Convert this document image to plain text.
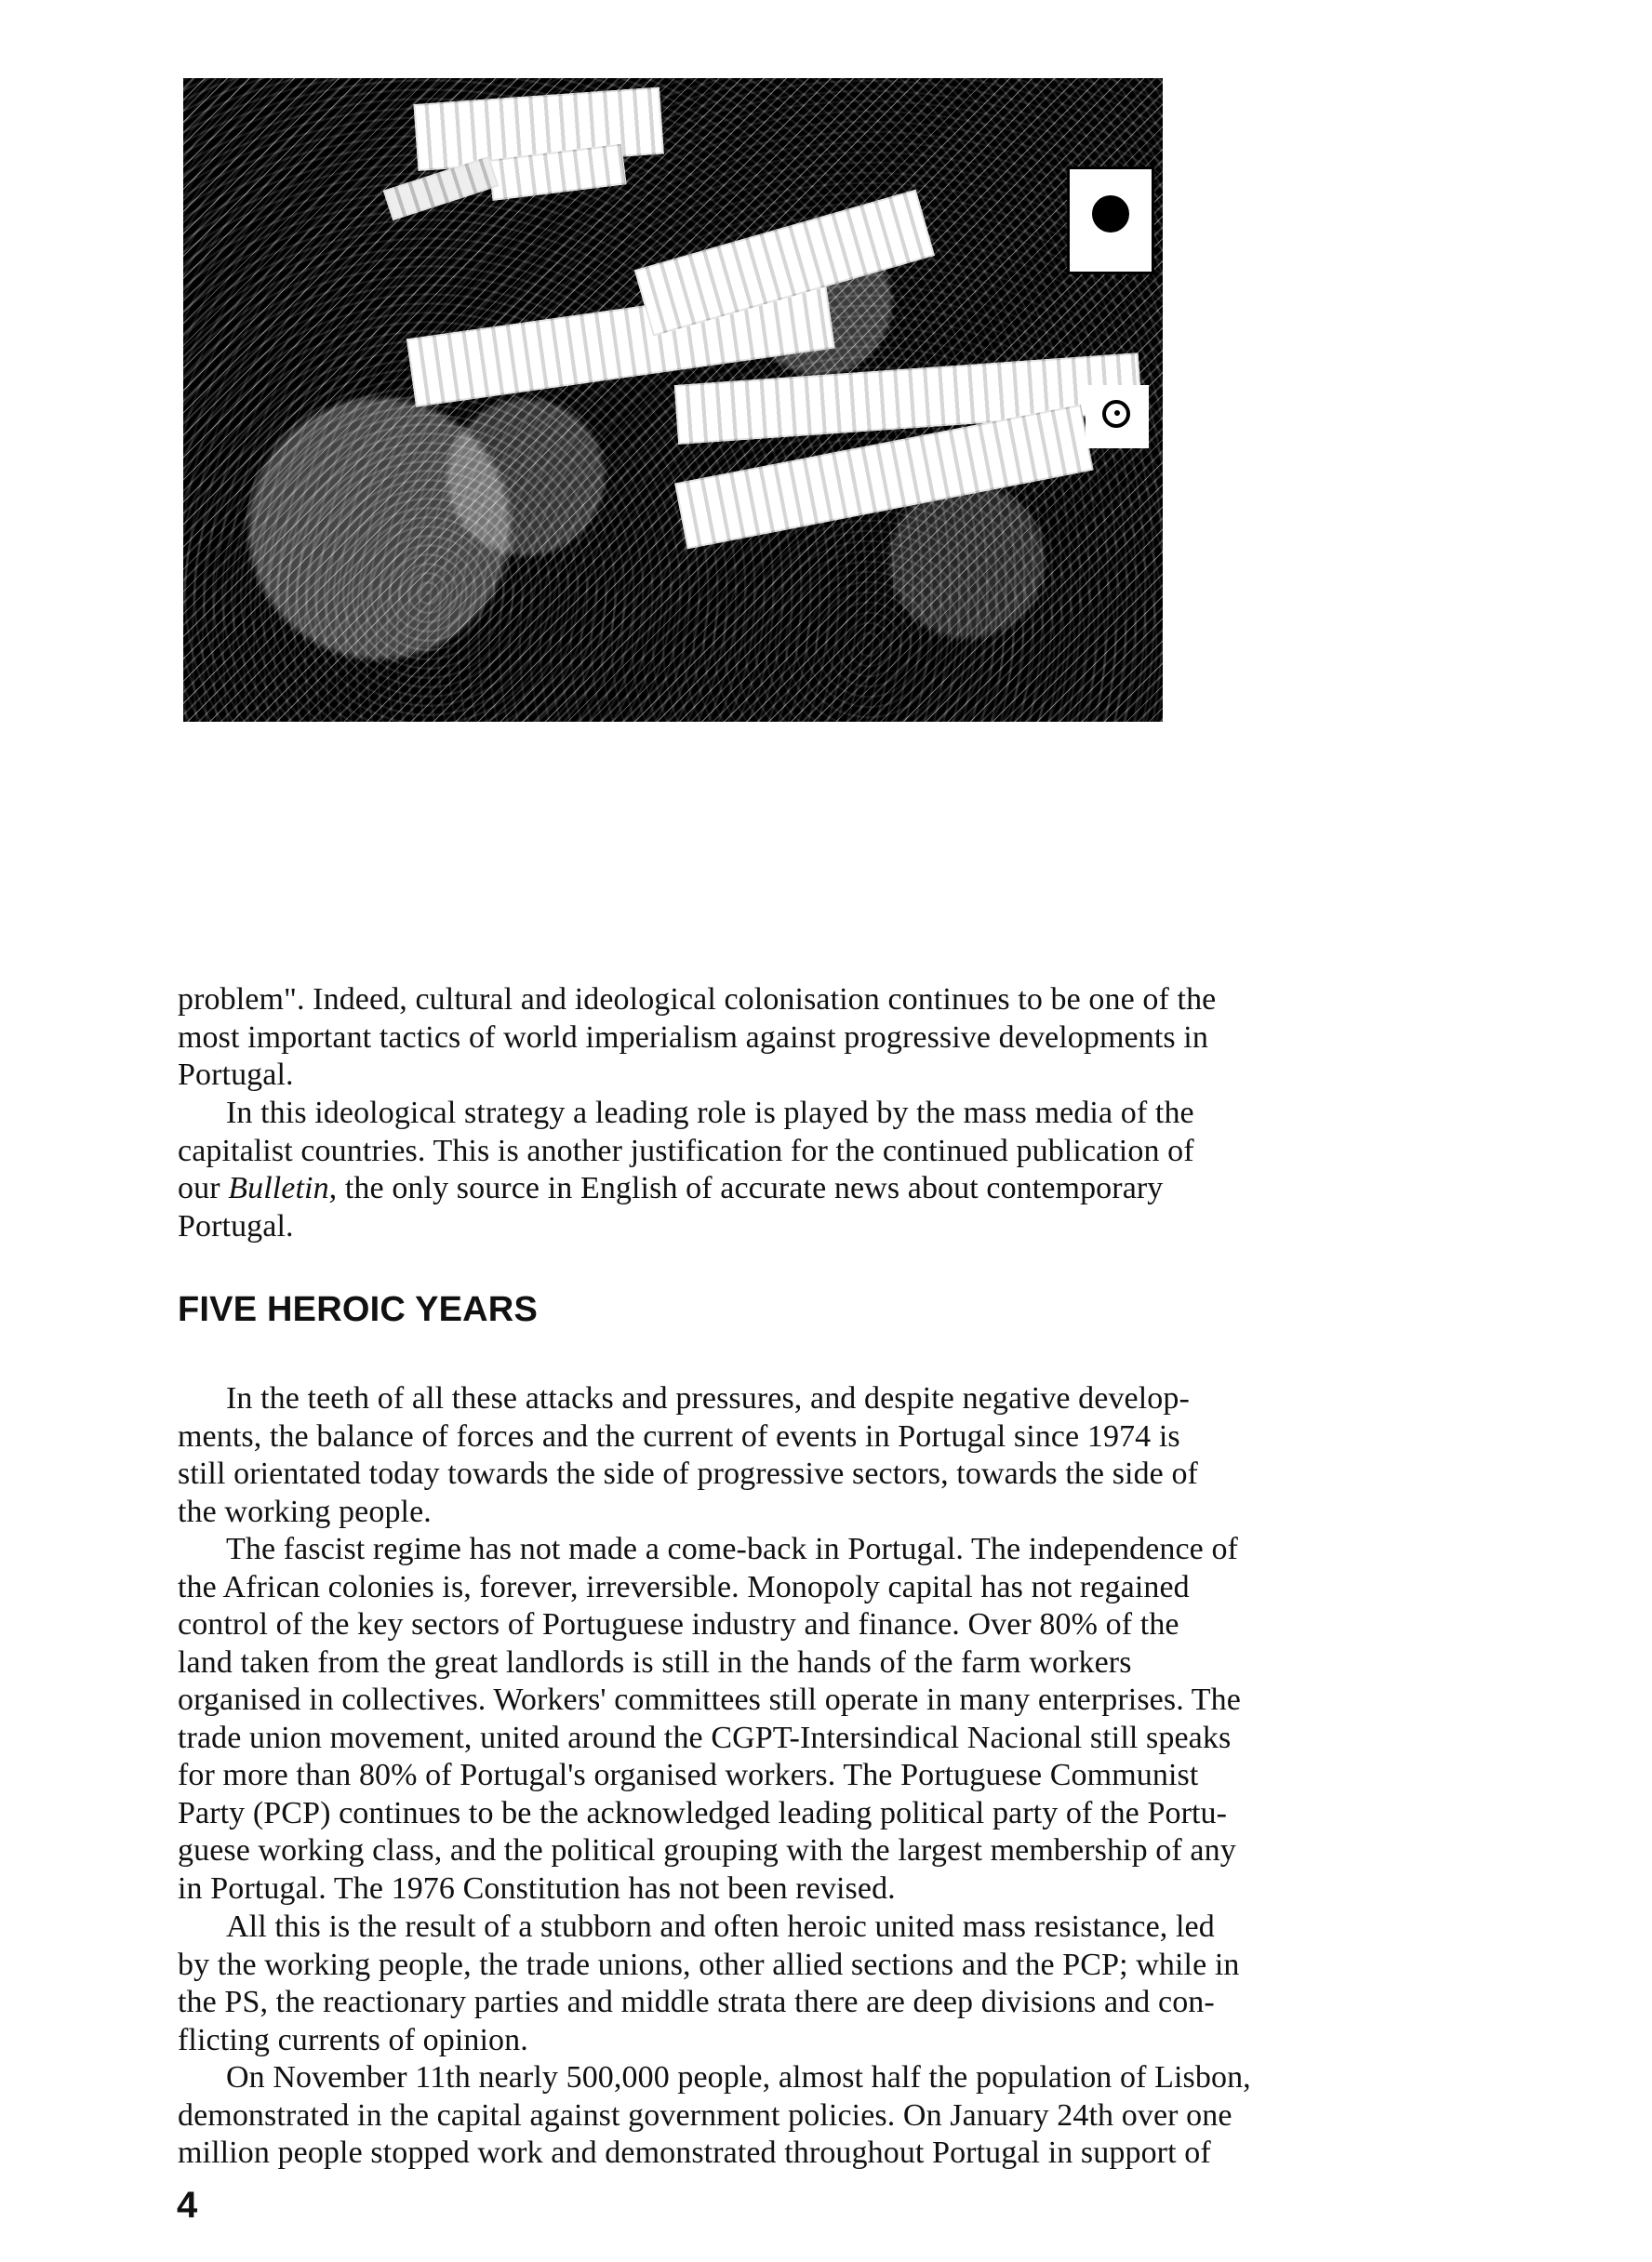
problem". Indeed, cultural and ideological colonisation continues to be one of the

most important tactics of world imperialism against progressive developments in

Portugal.

In this ideological strategy a leading role is played by the mass media of the

capitalist countries. This is another justification for the continued publication of

our Bulletin, the only source in English of accurate news about contemporary

Portugal.

FIVE HEROIC YEARS

In the teeth of all these attacks and pressures, and despite negative develop-

ments, the balance of forces and the current of events in Portugal since 1974 is

still orientated today towards the side of progressive sectors, towards the side of

the working people.

The fascist regime has not made a come-back in Portugal. The independence of

the African colonies is, forever, irreversible. Monopoly capital has not regained

control of the key sectors of Portuguese industry and finance. Over 80% of the

land taken from the great landlords is still in the hands of the farm workers

organised in collectives. Workers' committees still operate in many enterprises. The

trade union movement, united around the CGPT-Intersindical Nacional still speaks

for more than 80% of Portugal's organised workers. The Portuguese Communist

Party (PCP) continues to be the acknowledged leading political party of the Portu-

guese working class, and the political grouping with the largest membership of any

in Portugal. The 1976 Constitution has not been revised.

All this is the result of a stubborn and often heroic united mass resistance, led

by the working people, the trade unions, other allied sections and the PCP; while in

the PS, the reactionary parties and middle strata there are deep divisions and con-

flicting currents of opinion.

On November 11th nearly 500,000 people, almost half the population of Lisbon,

demonstrated in the capital against government policies. On January 24th over one

million people stopped work and demonstrated throughout Portugal in support of

4
